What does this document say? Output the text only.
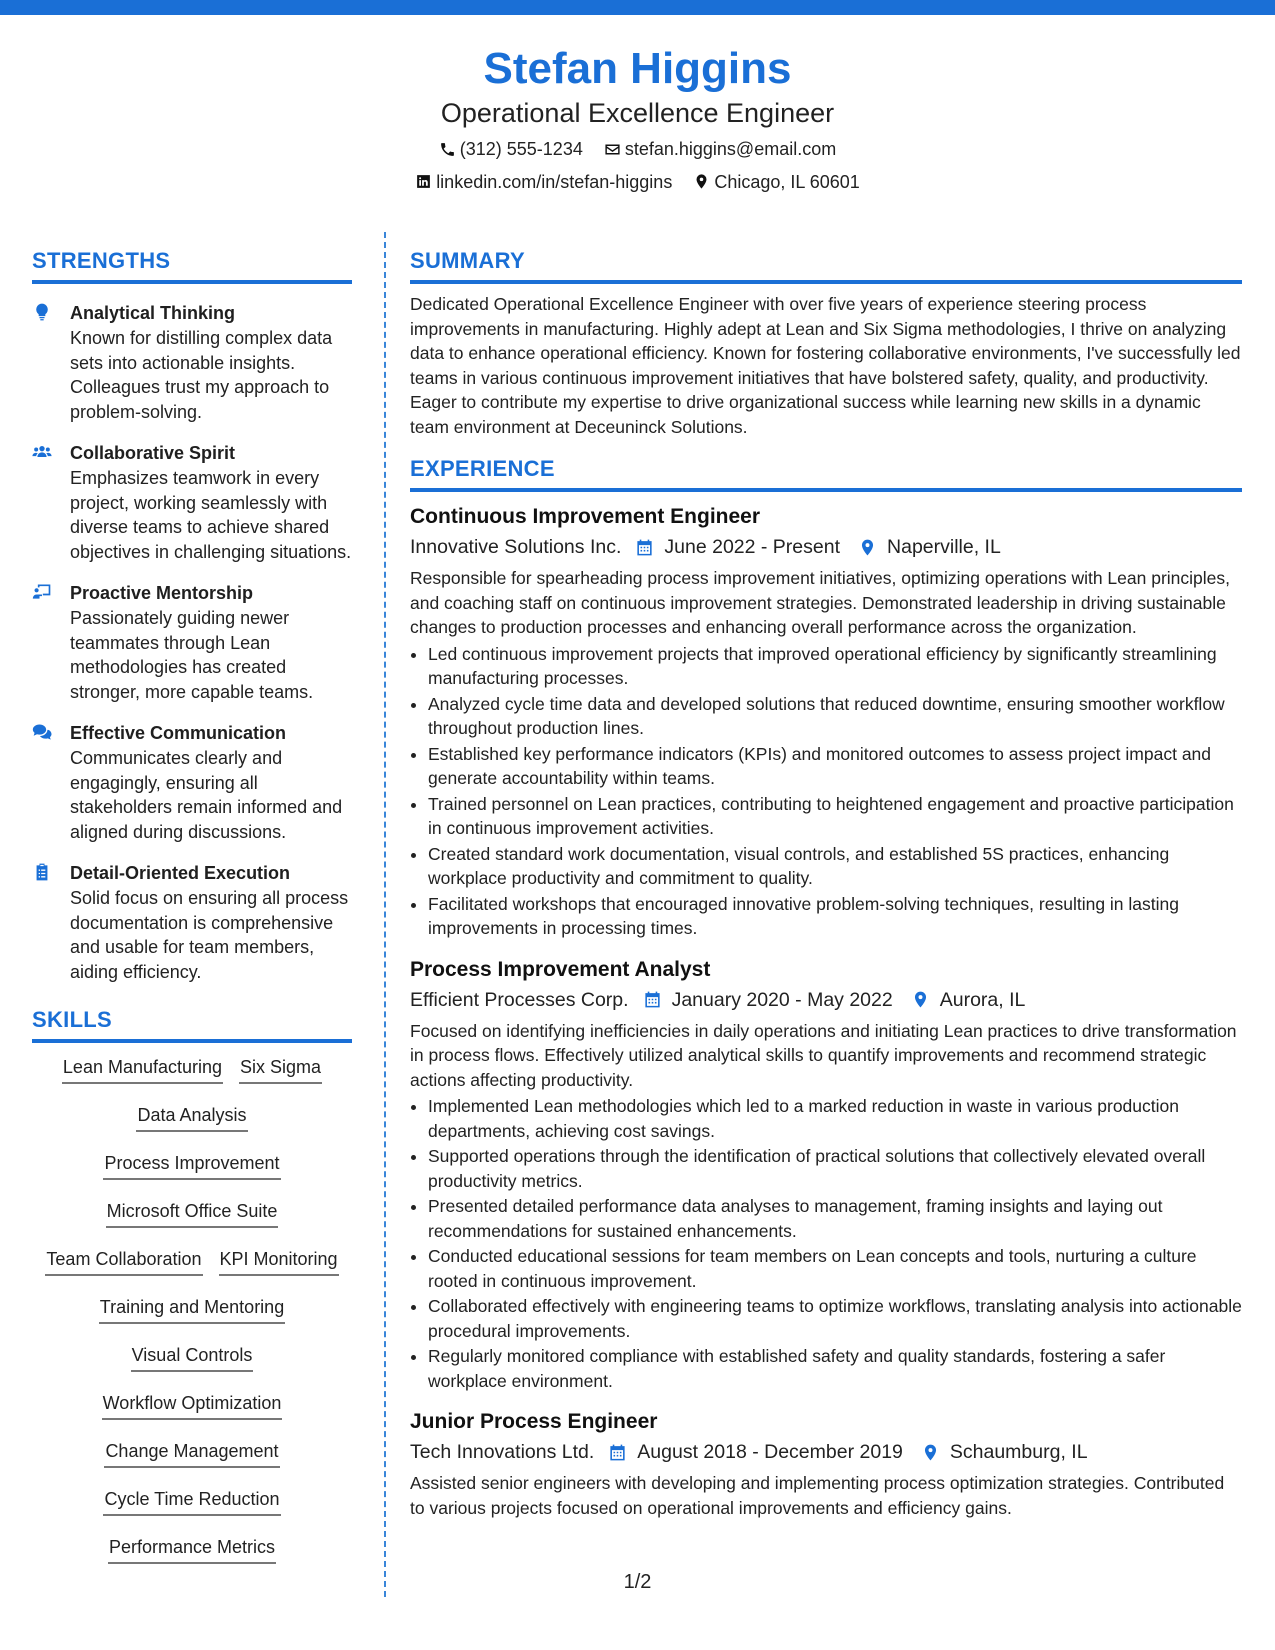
Stefan Higgins
Operational Excellence Engineer
(312) 555-1234
stefan.higgins@email.com
linkedin.com/in/stefan-higgins
Chicago, IL 60601
STRENGTHS
Analytical Thinking
Known for distilling complex data sets into actionable insights. Colleagues trust my approach to problem-solving.
Collaborative Spirit
Emphasizes teamwork in every project, working seamlessly with diverse teams to achieve shared objectives in challenging situations.
Proactive Mentorship
Passionately guiding newer teammates through Lean methodologies has created stronger, more capable teams.
Effective Communication
Communicates clearly and engagingly, ensuring all stakeholders remain informed and aligned during discussions.
Detail-Oriented Execution
Solid focus on ensuring all process documentation is comprehensive and usable for team members, aiding efficiency.
SKILLS
Lean Manufacturing Six Sigma
Data Analysis
Process Improvement
Microsoft Office Suite
Team Collaboration KPI Monitoring
Training and Mentoring
Visual Controls
Workflow Optimization
Change Management
Cycle Time Reduction
Performance Metrics
SUMMARY
Dedicated Operational Excellence Engineer with over five years of experience steering process improvements in manufacturing. Highly adept at Lean and Six Sigma methodologies, I thrive on analyzing data to enhance operational efficiency. Known for fostering collaborative environments, I've successfully led teams in various continuous improvement initiatives that have bolstered safety, quality, and productivity. Eager to contribute my expertise to drive organizational success while learning new skills in a dynamic team environment at Deceuninck Solutions.
EXPERIENCE
Continuous Improvement Engineer
Innovative Solutions Inc. June 2022 - Present Naperville, IL
Responsible for spearheading process improvement initiatives, optimizing operations with Lean principles, and coaching staff on continuous improvement strategies. Demonstrated leadership in driving sustainable changes to production processes and enhancing overall performance across the organization.
• Led continuous improvement projects that improved operational efficiency by significantly streamlining manufacturing processes.
• Analyzed cycle time data and developed solutions that reduced downtime, ensuring smoother workflow throughout production lines.
• Established key performance indicators (KPIs) and monitored outcomes to assess project impact and generate accountability within teams.
• Trained personnel on Lean practices, contributing to heightened engagement and proactive participation in continuous improvement activities.
• Created standard work documentation, visual controls, and established 5S practices, enhancing workplace productivity and commitment to quality.
• Facilitated workshops that encouraged innovative problem-solving techniques, resulting in lasting improvements in processing times.
Process Improvement Analyst
Efficient Processes Corp. January 2020 - May 2022 Aurora, IL
Focused on identifying inefficiencies in daily operations and initiating Lean practices to drive transformation in process flows. Effectively utilized analytical skills to quantify improvements and recommend strategic actions affecting productivity.
• Implemented Lean methodologies which led to a marked reduction in waste in various production departments, achieving cost savings.
• Supported operations through the identification of practical solutions that collectively elevated overall productivity metrics.
• Presented detailed performance data analyses to management, framing insights and laying out recommendations for sustained enhancements.
• Conducted educational sessions for team members on Lean concepts and tools, nurturing a culture rooted in continuous improvement.
• Collaborated effectively with engineering teams to optimize workflows, translating analysis into actionable procedural improvements.
• Regularly monitored compliance with established safety and quality standards, fostering a safer workplace environment.
Junior Process Engineer
Tech Innovations Ltd. August 2018 - December 2019 Schaumburg, IL
Assisted senior engineers with developing and implementing process optimization strategies. Contributed to various projects focused on operational improvements and efficiency gains.
1/2
